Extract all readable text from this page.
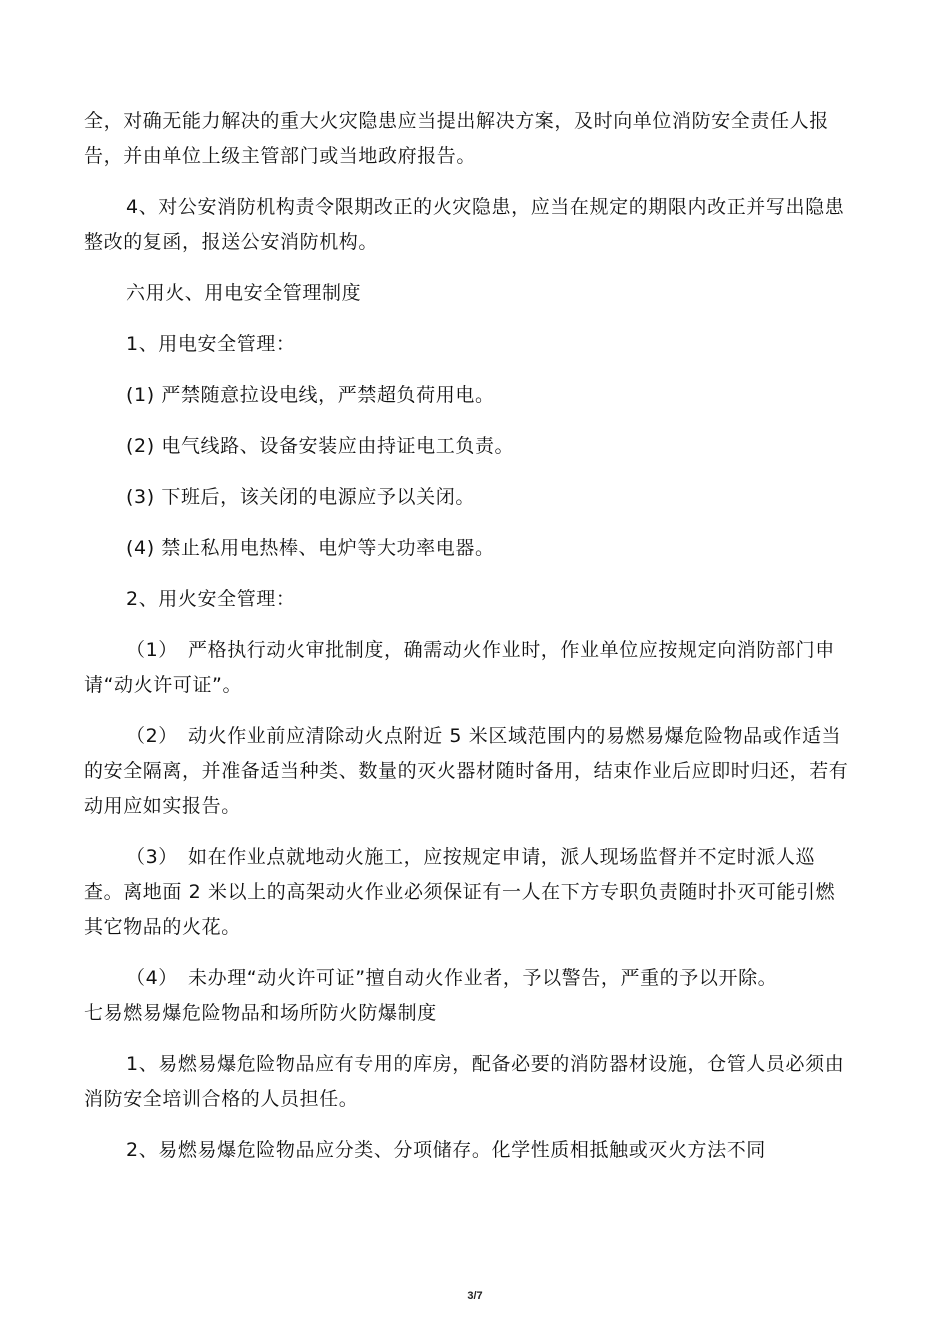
全，对确无能力解决的重大火灾隐患应当提出解决方案，及时向单位消防安全责任人报告，并由单位上级主管部门或当地政府报告。

4、对公安消防机构责令限期改正的火灾隐患，应当在规定的期限内改正并写出隐患整改的复函，报送公安消防机构。

六用火、用电安全管理制度

1、用电安全管理：

(1) 严禁随意拉设电线，严禁超负荷用电。

(2) 电气线路、设备安装应由持证电工负责。

(3) 下班后，该关闭的电源应予以关闭。

(4) 禁止私用电热棒、电炉等大功率电器。

2、用火安全管理：

（1）　严格执行动火审批制度，确需动火作业时，作业单位应按规定向消防部门申请“动火许可证”。

（2）　动火作业前应清除动火点附近 5 米区域范围内的易燃易爆危险物品或作适当的安全隔离，并准备适当种类、数量的灭火器材随时备用，结束作业后应即时归还，若有动用应如实报告。

（3）　如在作业点就地动火施工，应按规定申请，派人现场监督并不定时派人巡查。离地面 2 米以上的高架动火作业必须保证有一人在下方专职负责随时扑灭可能引燃其它物品的火花。

（4）　未办理“动火许可证”擅自动火作业者，予以警告，严重的予以开除。

七易燃易爆危险物品和场所防火防爆制度

1、易燃易爆危险物品应有专用的库房，配备必要的消防器材设施，仓管人员必须由消防安全培训合格的人员担任。

2、易燃易爆危险物品应分类、分项储存。化学性质相抵触或灭火方法不同

3/7
